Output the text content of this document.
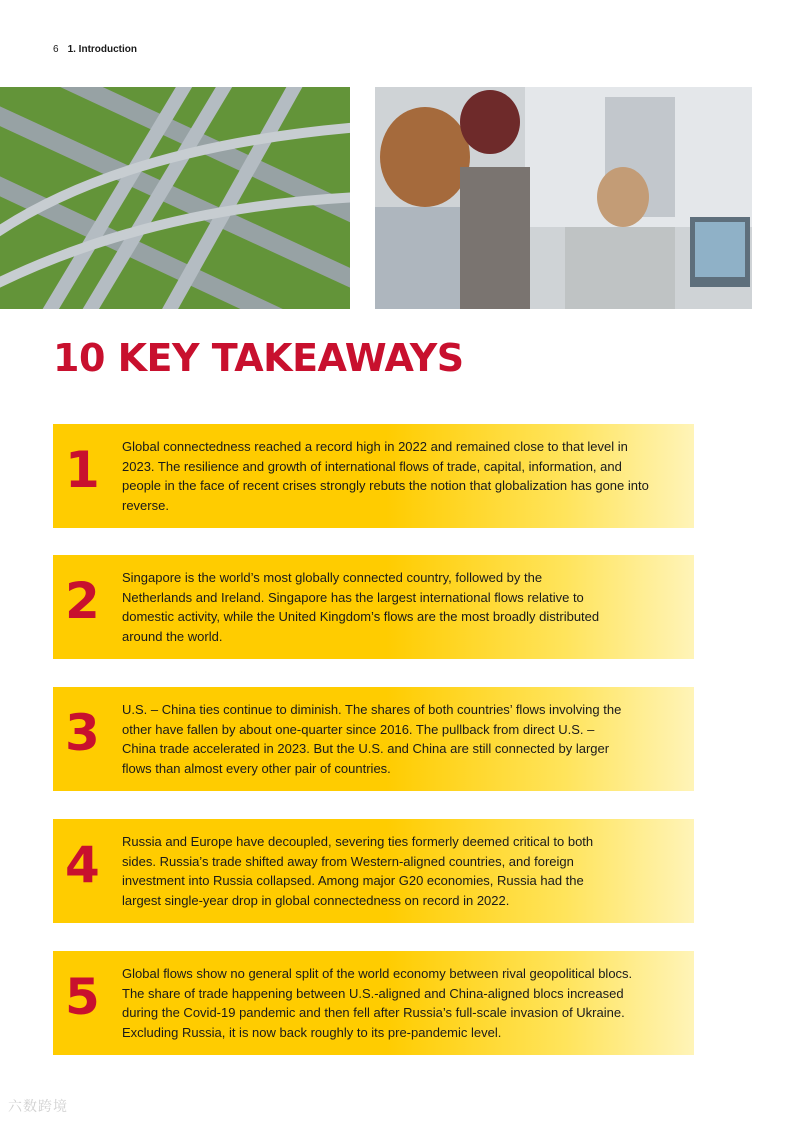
6 1. Introduction
10 KEY TAKEAWAYS
1	Global connectedness reached a record high in 2022 and remained close to that level in 2023. The resilience and growth of international flows of trade, capital, information, and people in the face of recent crises strongly rebuts the notion that globalization has gone into reverse.
2	Singapore is the world’s most globally connected country, followed by the Netherlands and Ireland. Singapore has the largest international flows relative to domestic activity, while the United Kingdom’s flows are the most broadly distributed around the world.
3	U.S. – China ties continue to diminish. The shares of both countries’ flows involving the other have fallen by about one-quarter since 2016. The pullback from direct U.S. – China trade accelerated in 2023. But the U.S. and China are still connected by larger flows than almost every other pair of countries.
4	Russia and Europe have decoupled, severing ties formerly deemed critical to both sides. Russia’s trade shifted away from Western-aligned countries, and foreign investment into Russia collapsed. Among major G20 economies, Russia had the largest single-year drop in global connectedness on record in 2022.
5	Global flows show no general split of the world economy between rival geopolitical blocs. The share of trade happening between U.S.-aligned and China-aligned blocs increased during the Covid-19 pandemic and then fell after Russia’s full-scale invasion of Ukraine. Excluding Russia, it is now back roughly to its pre-pandemic level.
六数跨境
